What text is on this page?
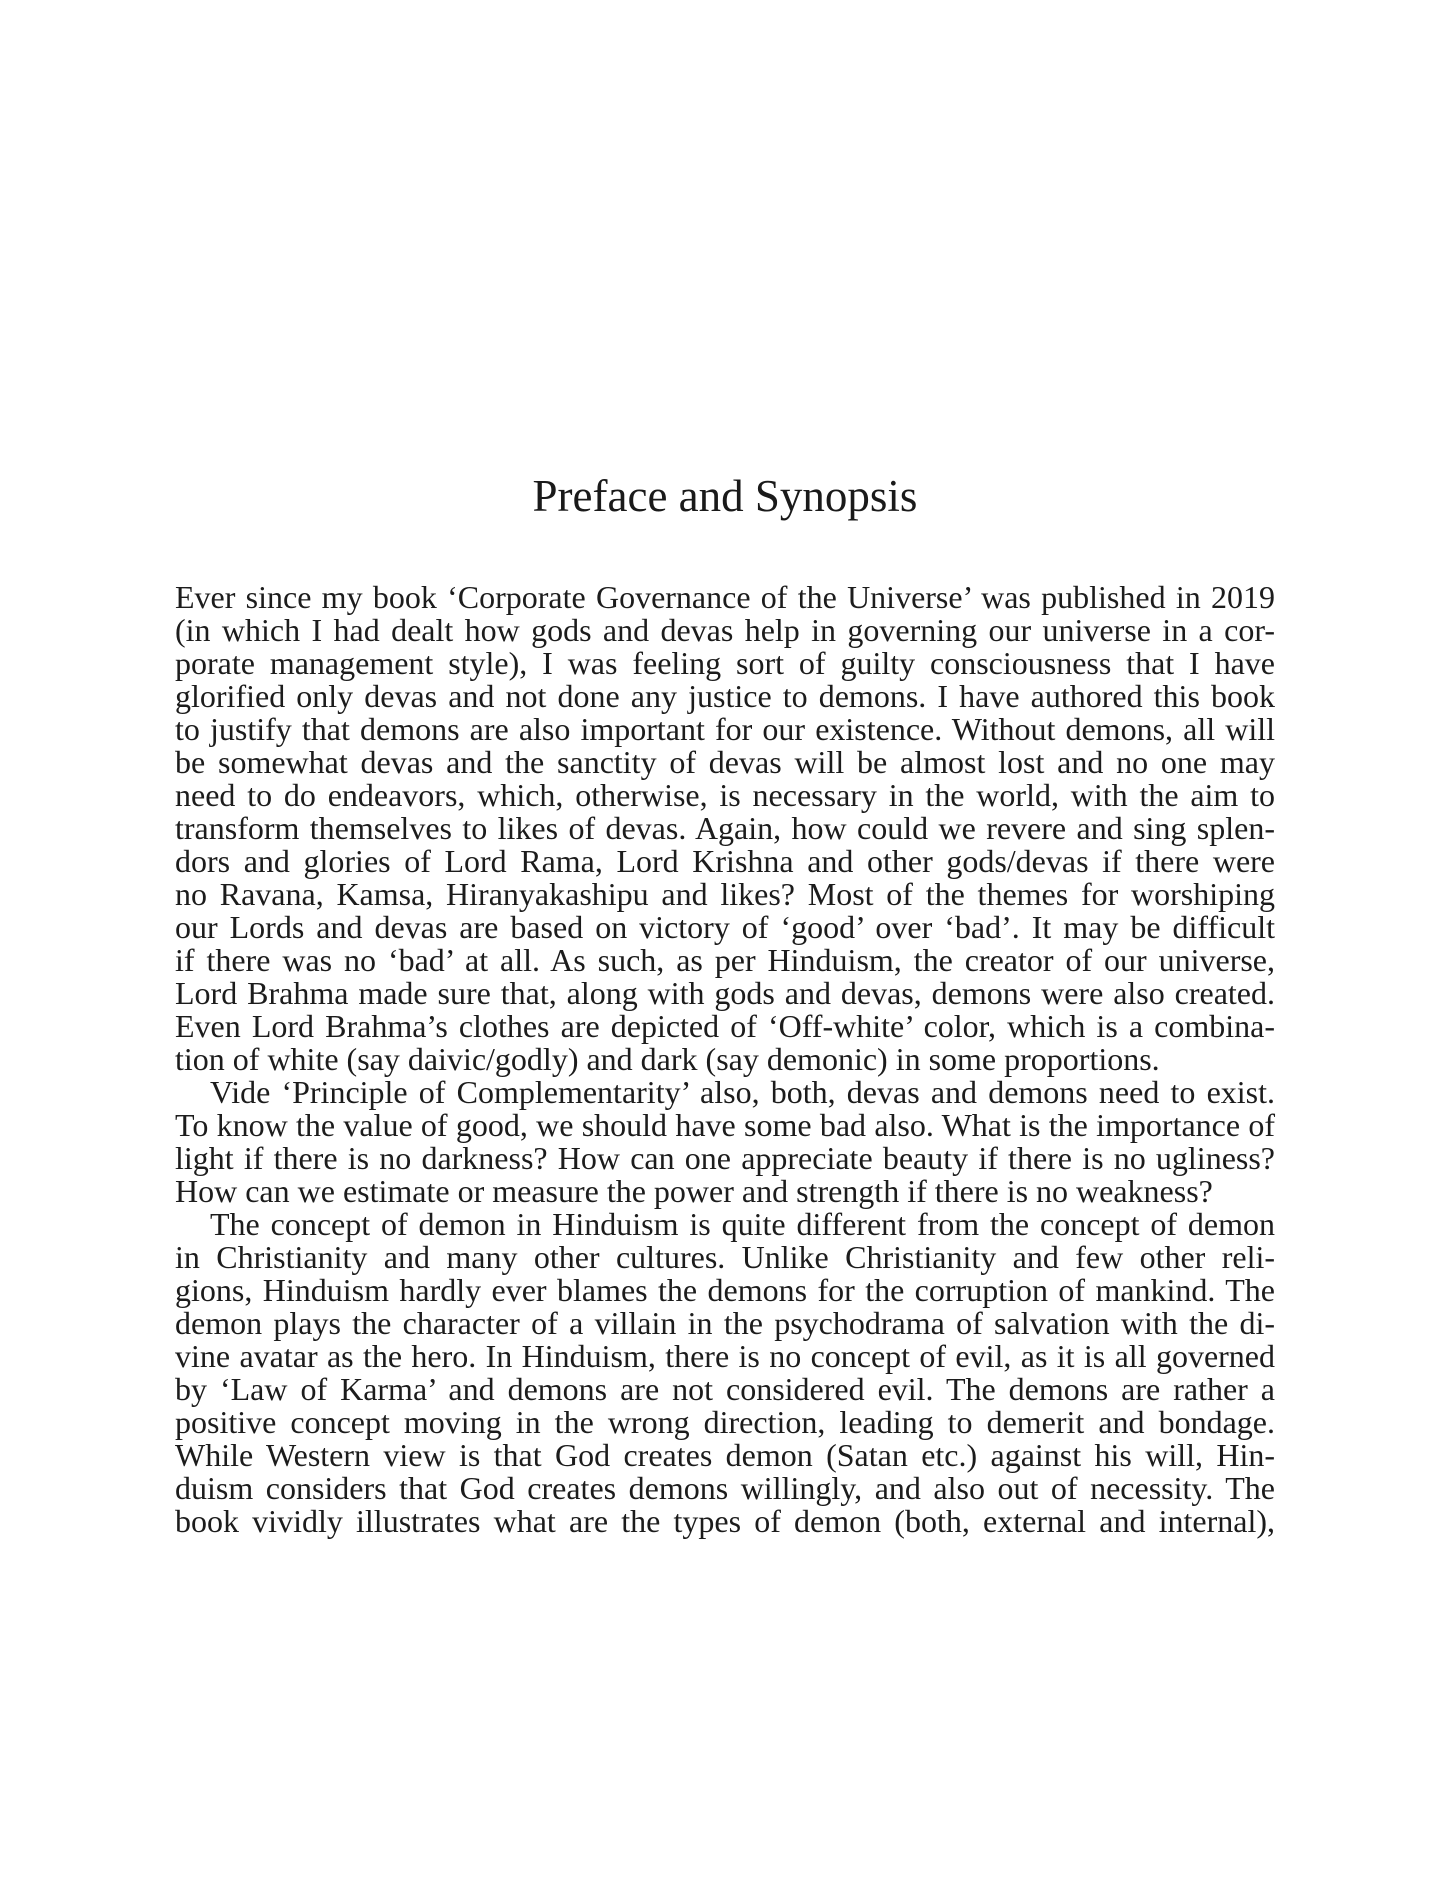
Preface and Synopsis

Ever since my book ‘Corporate Governance of the Universe’ was published in 2019

(in which I had dealt how gods and devas help in governing our universe in a cor-

porate management style), I was feeling sort of guilty consciousness that I have

glorified only devas and not done any justice to demons. I have authored this book

to justify that demons are also important for our existence. Without demons, all will

be somewhat devas and the sanctity of devas will be almost lost and no one may

need to do endeavors, which, otherwise, is necessary in the world, with the aim to

transform themselves to likes of devas. Again, how could we revere and sing splen-

dors and glories of Lord Rama, Lord Krishna and other gods/devas if there were

no Ravana, Kamsa, Hiranyakashipu and likes? Most of the themes for worshiping

our Lords and devas are based on victory of ‘good’ over ‘bad’. It may be difficult

if there was no ‘bad’ at all. As such, as per Hinduism, the creator of our universe,

Lord Brahma made sure that, along with gods and devas, demons were also created.

Even Lord Brahma’s clothes are depicted of ‘Off-white’ color, which is a combina-

tion of white (say daivic/godly) and dark (say demonic) in some proportions.

Vide ‘Principle of Complementarity’ also, both, devas and demons need to exist.

To know the value of good, we should have some bad also. What is the importance of

light if there is no darkness? How can one appreciate beauty if there is no ugliness?

How can we estimate or measure the power and strength if there is no weakness?

The concept of demon in Hinduism is quite different from the concept of demon

in Christianity and many other cultures. Unlike Christianity and few other reli-

gions, Hinduism hardly ever blames the demons for the corruption of mankind. The

demon plays the character of a villain in the psychodrama of salvation with the di-

vine avatar as the hero. In Hinduism, there is no concept of evil, as it is all governed

by ‘Law of Karma’ and demons are not considered evil. The demons are rather a

positive concept moving in the wrong direction, leading to demerit and bondage.

While Western view is that God creates demon (Satan etc.) against his will, Hin-

duism considers that God creates demons willingly, and also out of necessity. The

book vividly illustrates what are the types of demon (both, external and internal),
